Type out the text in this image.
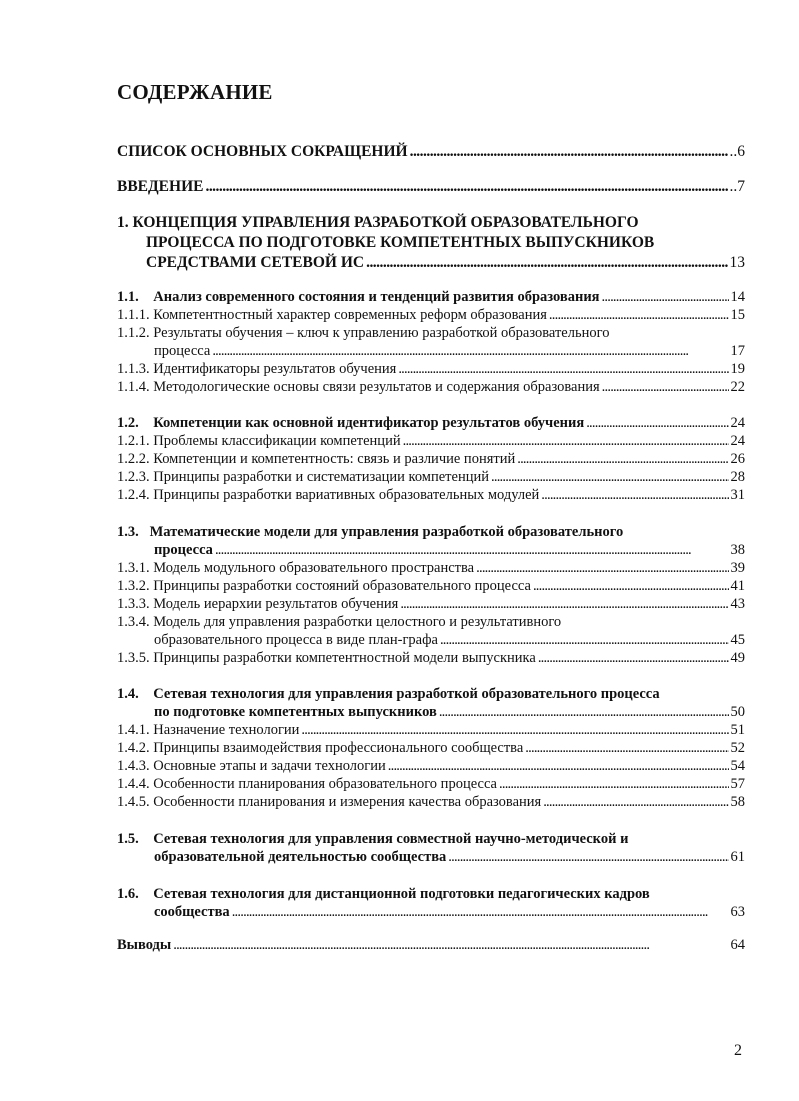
СОДЕРЖАНИЕ
СПИСОК ОСНОВНЫХ СОКРАЩЕНИЙ . . .	..6
ВВЕДЕНИЕ . . .	..7
1. КОНЦЕПЦИЯ УПРАВЛЕНИЯ РАЗРАБОТКОЙ ОБРАЗОВАТЕЛЬНОГО
ПРОЦЕССА ПО ПОДГОТОВКЕ КОМПЕТЕНТНЫХ ВЫПУСКНИКОВ
СРЕДСТВАМИ СЕТЕВОЙ ИС . . .	13
1.1. Анализ современного состояния и тенденций развития образования . . .	14
1.1.1. Компетентностный характер современных реформ образования . . .	15
1.1.2. Результаты обучения – ключ к управлению разработкой образовательного
процесса . . .	17
1.1.3. Идентификаторы результатов обучения . . .	19
1.1.4. Методологические основы связи результатов и содержания образования . . .	22
1.2. Компетенции как основной идентификатор результатов обучения . . .	24
1.2.1. Проблемы классификации компетенций . . .	24
1.2.2. Компетенции и компетентность: связь и различие понятий . . .	26
1.2.3. Принципы разработки и систематизации компетенций . . .	28
1.2.4. Принципы разработки вариативных образовательных модулей . . .	31
1.3. Математические модели для управления разработкой образовательного
процесса . . .	38
1.3.1. Модель модульного образовательного пространства . . .	39
1.3.2. Принципы разработки состояний образовательного процесса . . .	41
1.3.3. Модель иерархии результатов обучения . . .	43
1.3.4. Модель для управления разработки целостного и результативного
образовательного процесса в виде план-графа . . .	45
1.3.5. Принципы разработки компетентностной модели выпускника . . .	49
1.4. Сетевая технология для управления разработкой образовательного процесса
по подготовке компетентных выпускников . . .	50
1.4.1. Назначение технологии . . .	51
1.4.2. Принципы взаимодействия профессионального сообщества . . .	52
1.4.3. Основные этапы и задачи технологии . . .	54
1.4.4. Особенности планирования образовательного процесса . . .	57
1.4.5. Особенности планирования и измерения качества образования . . .	58
1.5. Сетевая технология для управления совместной научно-методической и
образовательной деятельностью сообщества . . .	61
1.6. Сетевая технология для дистанционной подготовки педагогических кадров
сообщества . . .	63
Выводы . . .	64
2
